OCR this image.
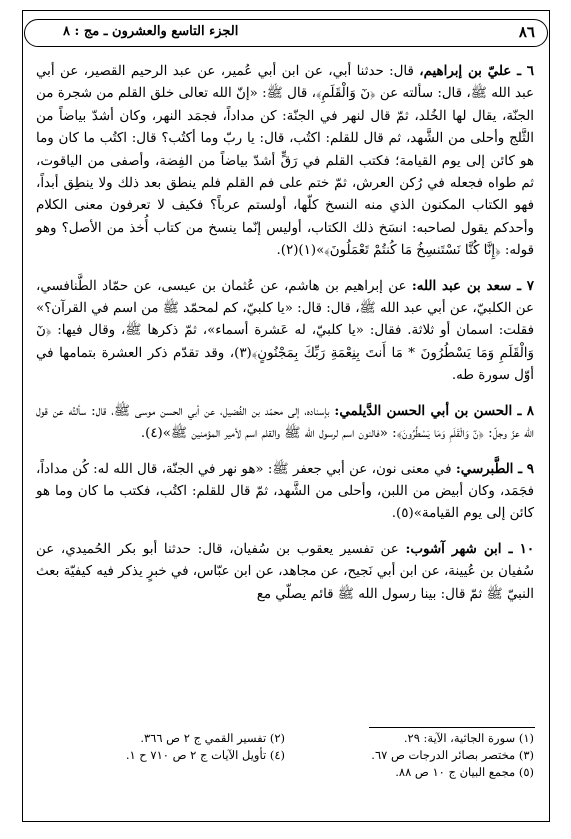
٨٦
الجزء التاسع والعشرون ـ مج : ٨

٦ ـ عليّ بن إبراهيم، قال: حدثنا أبي، عن ابن أبي عُمير، عن عبد الرحيم القصير، عن أبي عبد الله ﷺ، قال: سألته عن ﴿نٓ وَالْقَلَمِ﴾، قال ﷺ: «إنّ الله تعالى خلق القلم من شجرة من الجنّة، يقال لها الخُلد، ثمّ قال لنهر في الجنّة: كن مداداً، فجمَد النهر، وكان أشدّ بياضاً من الثَّلج وأحلى من الشَّهد، ثم قال للقلم: اكتُب، قال: يا ربّ وما أكتُب؟ قال: اكتُب ما كان وما هو كائن إلى يوم القيامة؛ فكتب القلم في رَقٍّ أشدّ بياضاً من الفِضة، وأصفى من الياقوت، ثم طواه فجعله في رُكن العرش، ثمّ ختم على فم القلم فلم ينطق بعد ذلك ولا ينطِق أبداً، فهو الكتاب المكنون الذي منه النسخ كلّها، أولستم عرباً؟ فكيف لا تعرفون معنى الكلام وأحدكم يقول لصاحبه: انسَخ ذلك الكتاب، أوليس إنّما ينسخ من كتاب أُخذ من الأصل؟ وهو قوله: ﴿إِنَّا كُنَّا نَسْتَنسِخُ مَا كُنتُمْ تَعْمَلُونَ﴾»(١)(٢).

٧ ـ سعد بن عبد الله: عن إبراهيم بن هاشم، عن عُثمان بن عيسى، عن حمّاد الطَّنافسي، عن الكلبيّ، عن أبي عبد الله ﷺ، قال: قال: «يا كلبيّ، كم لمحمّد ﷺ من اسم في القرآن؟» فقلت: اسمان أو ثلاثة. فقال: «يا كلبيّ، له عَشرة أسماء»، ثمّ ذكرها ﷺ، وقال فيها: ﴿نٓ وَالْقَلَمِ وَمَا يَسْطُرُونَ * مَا أَنتَ بِنِعْمَةِ رَبِّكَ بِمَجْنُونٍ﴾(٣)، وقد تقدّم ذكر العشرة بتمامها في أوّل سورة طه.

٨ ـ الحسن بن أبي الحسن الدَّيلمي: بإسناده، إلى محمّد بن الفُضيل، عن أبي الحسن موسى ﷺ، قال: سألتُه عن قول الله عزّ وجلّ: ﴿نٓ وَالْقَلَمِ وَمَا يَسْطُرُونَ﴾: «فالنون اسم لرسول الله ﷺ والقلم اسم لأمير المؤمنين ﷺ»(٤).

٩ ـ الطَّبرسي: في معنى نون، عن أبي جعفر ﷺ: «هو نهر في الجنّة، قال الله له: كُن مداداً، فجَمَد، وكان أبيض من اللبن، وأحلى من الشَّهد، ثمّ قال للقلم: اكتُب، فكتب ما كان وما هو كائن إلى يوم القيامة»(٥).

١٠ ـ ابن شهر آشوب: عن تفسير يعقوب بن سُفيان، قال: حدثنا أبو بكر الحُميدي، عن سُفيان بن عُيينة، عن ابن أبي نَجيح، عن مجاهد، عن ابن عبّاس، في خبرٍ يذكر فيه كيفيّة بعث النبيّ ﷺ ثمّ قال: بينا رسول الله ﷺ قائم يصلّي مع

(١) سورة الجاثية، الآية: ٢٩.
(٢) تفسير القمي ج ٢ ص ٣٦٦.
(٣) مختصر بصائر الدرجات ص ٦٧.
(٤) تأويل الآيات ج ٢ ص ٧١٠ ح ١.
(٥) مجمع البيان ج ١٠ ص ٨٨.
